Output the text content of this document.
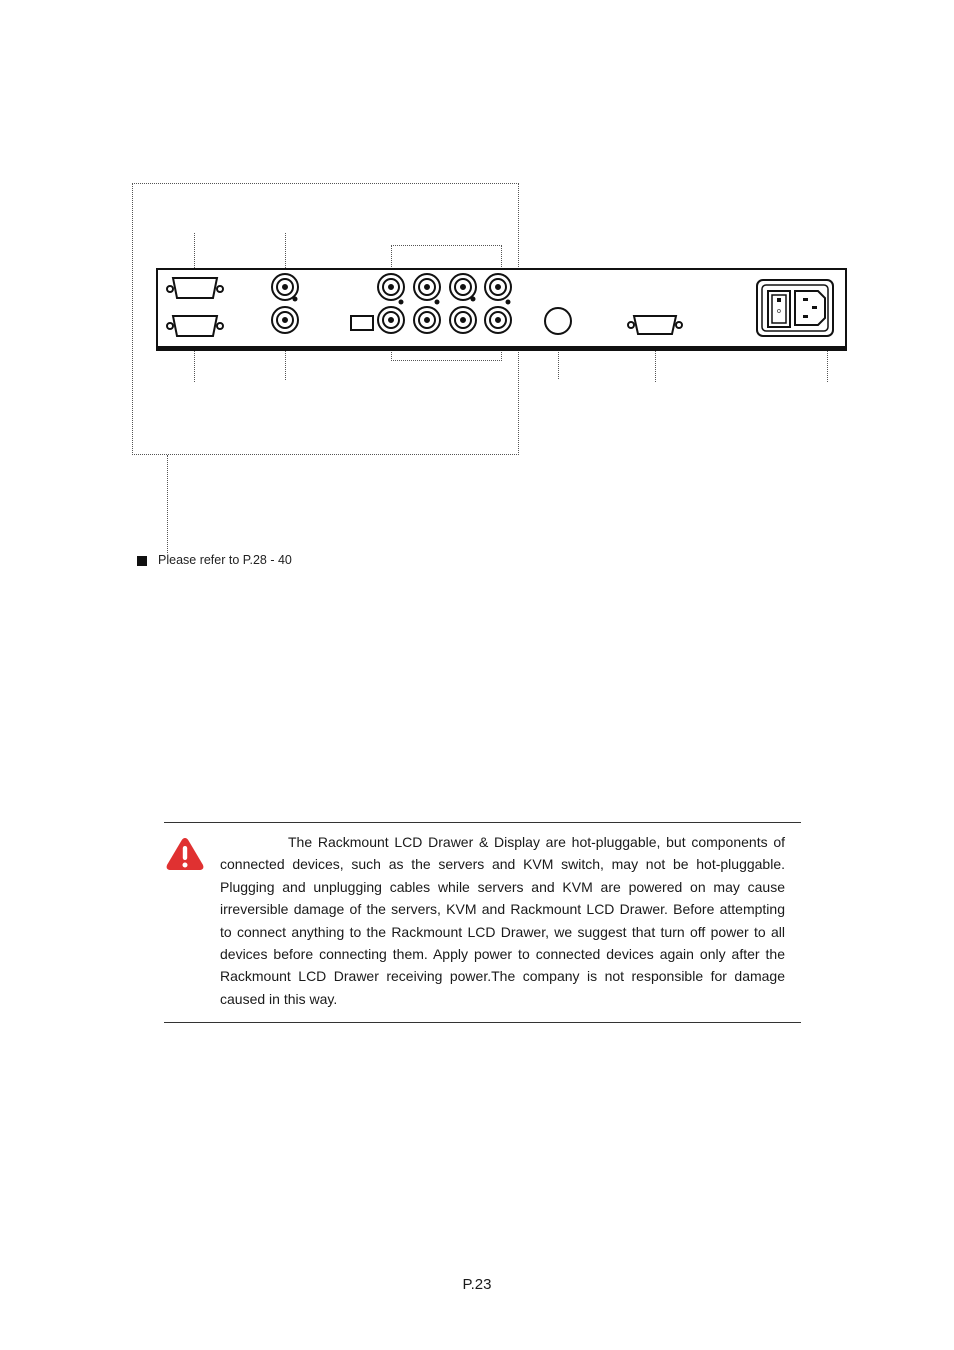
o
Please refer to P.28 - 40
The Rackmount LCD Drawer & Display are hot-pluggable, but components of connected devices, such as the servers and KVM switch, may not be hot-pluggable. Plugging and unplugging cables while servers and KVM are powered on may cause irreversible damage of the servers, KVM and Rackmount LCD Drawer. Before attempting to connect anything to the Rackmount LCD Drawer, we suggest that turn off power to all devices before connecting them. Apply power to connected devices again only after the Rackmount LCD Drawer receiving power.The company is not responsible for damage caused in this way.
P.23
